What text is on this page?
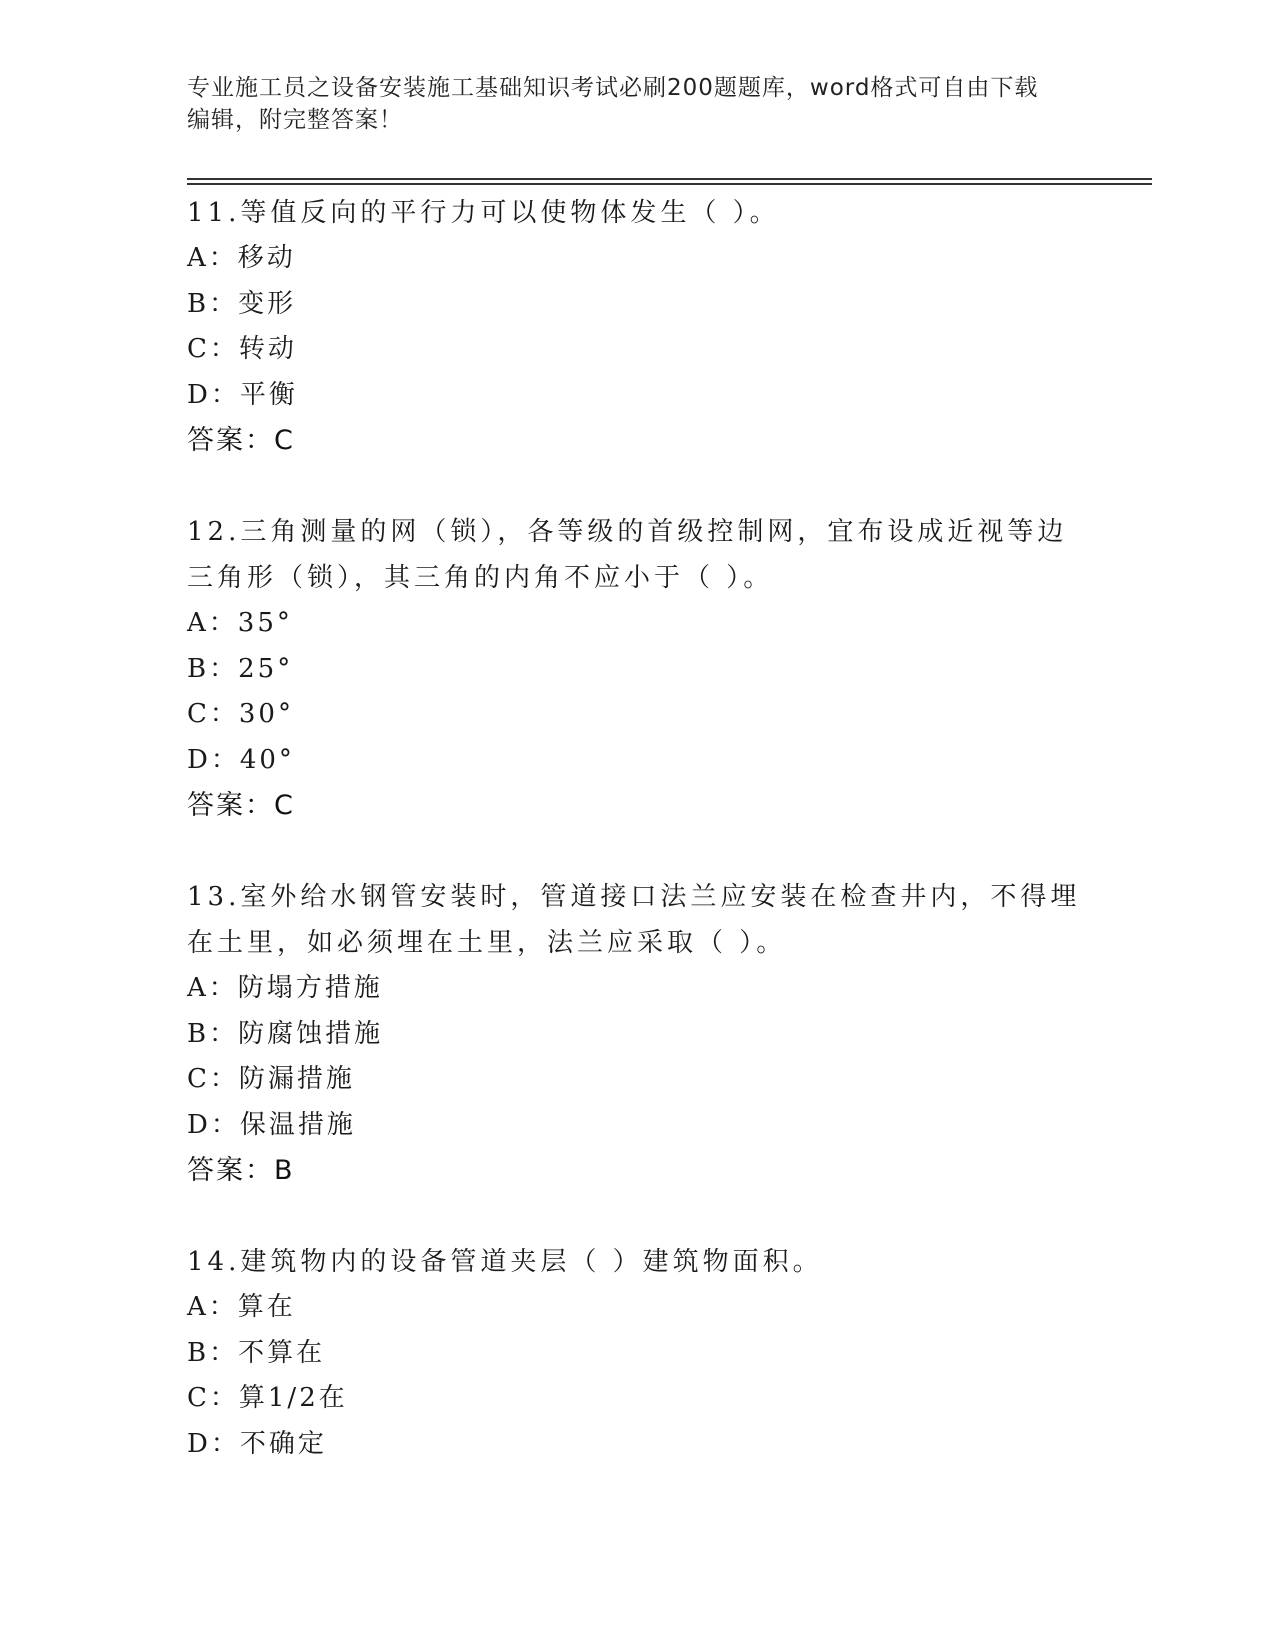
专业施工员之设备安装施工基础知识考试必刷200题题库，word格式可自由下载
编辑，附完整答案！

11.等值反向的平行力可以使物体发生（ ）。

A：移动
B：变形
C：转动
D：平衡
答案：C

12.三角测量的网（锁），各等级的首级控制网，宜布设成近视等边三角形（锁），其三角的内角不应小于（ ）。

A：35°
B：25°
C：30°
D：40°
答案：C

13.室外给水钢管安装时，管道接口法兰应安装在检查井内，不得埋在土里，如必须埋在土里，法兰应采取（ ）。

A：防塌方措施
B：防腐蚀措施
C：防漏措施
D：保温措施
答案：B

14.建筑物内的设备管道夹层（ ）建筑物面积。

A：算在
B：不算在
C：算1/2在
D：不确定
